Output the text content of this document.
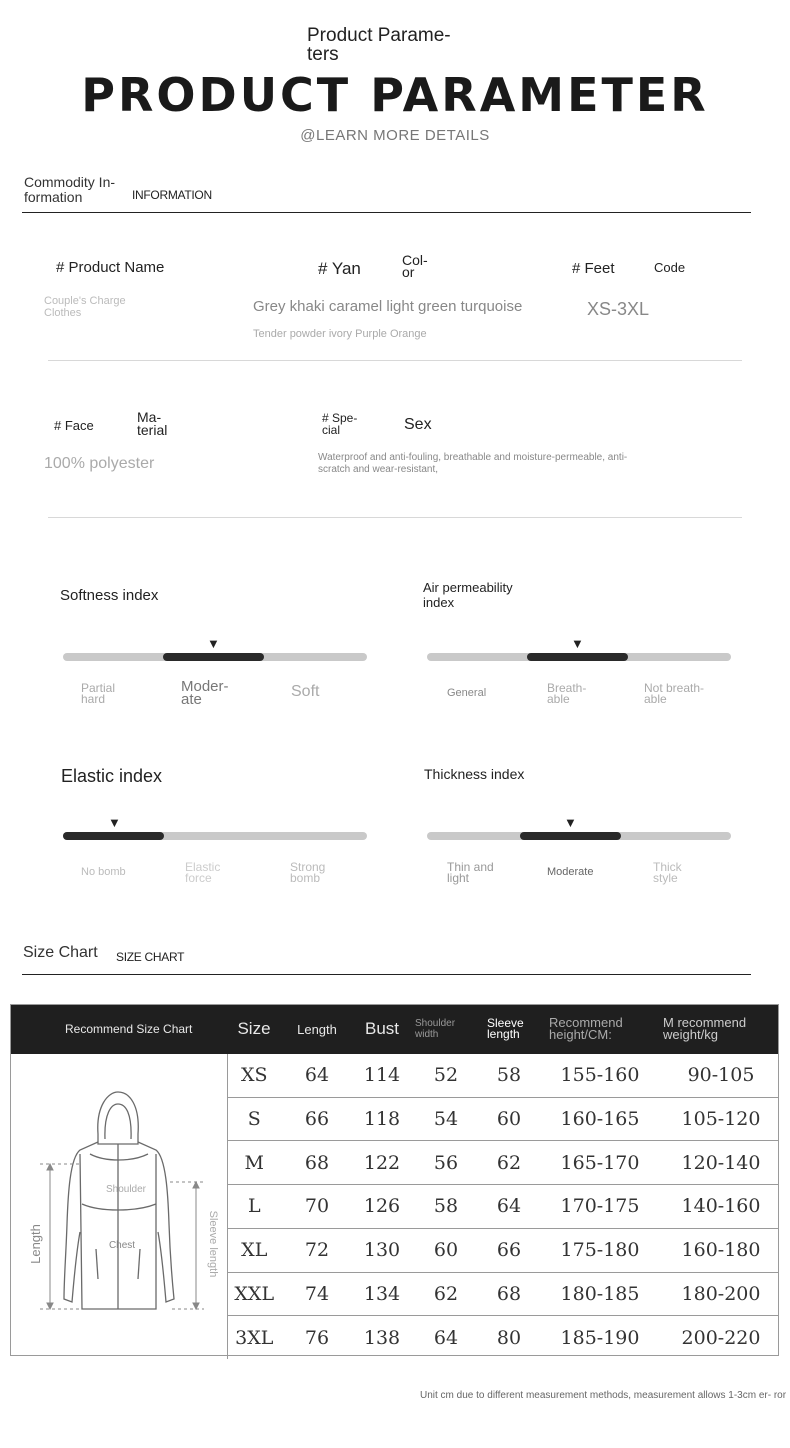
Product Parame- ters
PRODUCT PARAMETER
@LEARN MORE DETAILS
Commodity In- formation	INFORMATION
# Product Name
Couple's Charge Clothes
# Yan	Col- or
Grey khaki caramel light green turquoise
Tender powder ivory Purple Orange
# Feet	Code
XS-3XL
# Face
Ma- terial
100% polyester
# Spe- cial	Sex
Waterproof and anti-fouling, breathable and moisture-permeable, anti-scratch and wear-resistant,
Softness index
▼
Partial hard
Moder- ate	Soft
Air permeability index
▼
General	Breath- able
Not breath- able
Elastic index
▼
No bomb	Elastic force
Strong bomb
Thickness index
▼
Thin and light	Moderate	Thick style
Size Chart SIZE CHART
Recommend Size Chart	Size	Length	Bust	Shoulder width	Sleeve length	Recommend height/CM:	M recommend weight/kg

Length
Shoulder
Chest Sleeve length	XS	64	114	52	58	155-160	90-105
	S	66	118	54	60	160-165	105-120
	M	68	122	56	62	165-170	120-140
	L	70	126	58	64	170-175	140-160
	XL	72	130	60	66	175-180	160-180
	XXL	74	134	62	68	180-185	180-200
	3XL	76	138	64	80	185-190	200-220
Unit cm due to different measurement methods, measurement allows 1-3cm er- ror
